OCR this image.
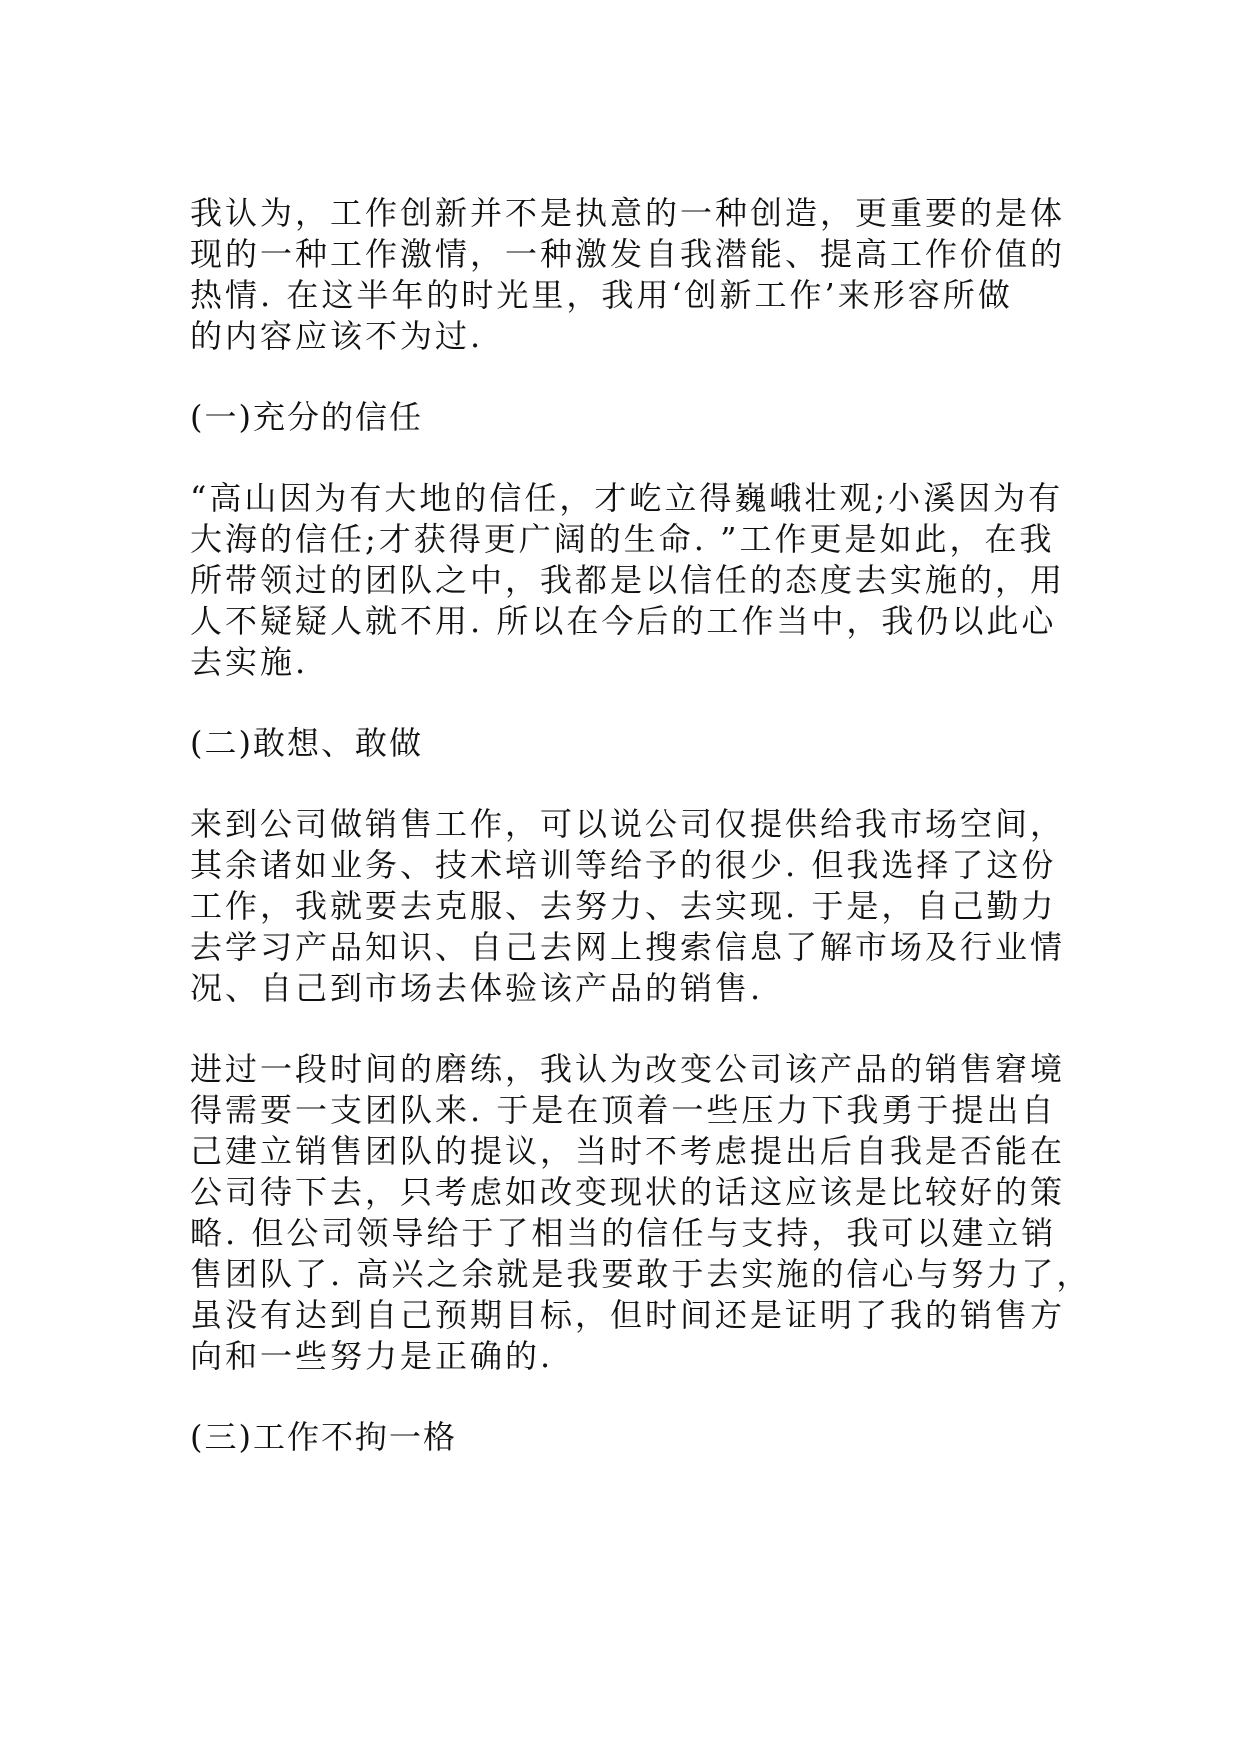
我认为，工作创新并不是执意的一种创造，更重要的是体
现的一种工作激情，一种激发自我潜能、提高工作价值的
热情. 在这半年的时光里，我用‘创新工作’来形容所做
的内容应该不为过.
(一)充分的信任
“高山因为有大地的信任，才屹立得巍峨壮观;小溪因为有
大海的信任;才获得更广阔的生命. ”工作更是如此，在我
所带领过的团队之中，我都是以信任的态度去实施的，用
人不疑疑人就不用. 所以在今后的工作当中，我仍以此心
去实施.
(二)敢想、敢做
来到公司做销售工作，可以说公司仅提供给我市场空间，
其余诸如业务、技术培训等给予的很少. 但我选择了这份
工作，我就要去克服、去努力、去实现. 于是，自己勤力
去学习产品知识、自己去网上搜索信息了解市场及行业情
况、自己到市场去体验该产品的销售.
进过一段时间的磨练，我认为改变公司该产品的销售窘境
得需要一支团队来. 于是在顶着一些压力下我勇于提出自
己建立销售团队的提议，当时不考虑提出后自我是否能在
公司待下去，只考虑如改变现状的话这应该是比较好的策
略. 但公司领导给于了相当的信任与支持，我可以建立销
售团队了. 高兴之余就是我要敢于去实施的信心与努力了，
虽没有达到自己预期目标，但时间还是证明了我的销售方
向和一些努力是正确的.
(三)工作不拘一格
